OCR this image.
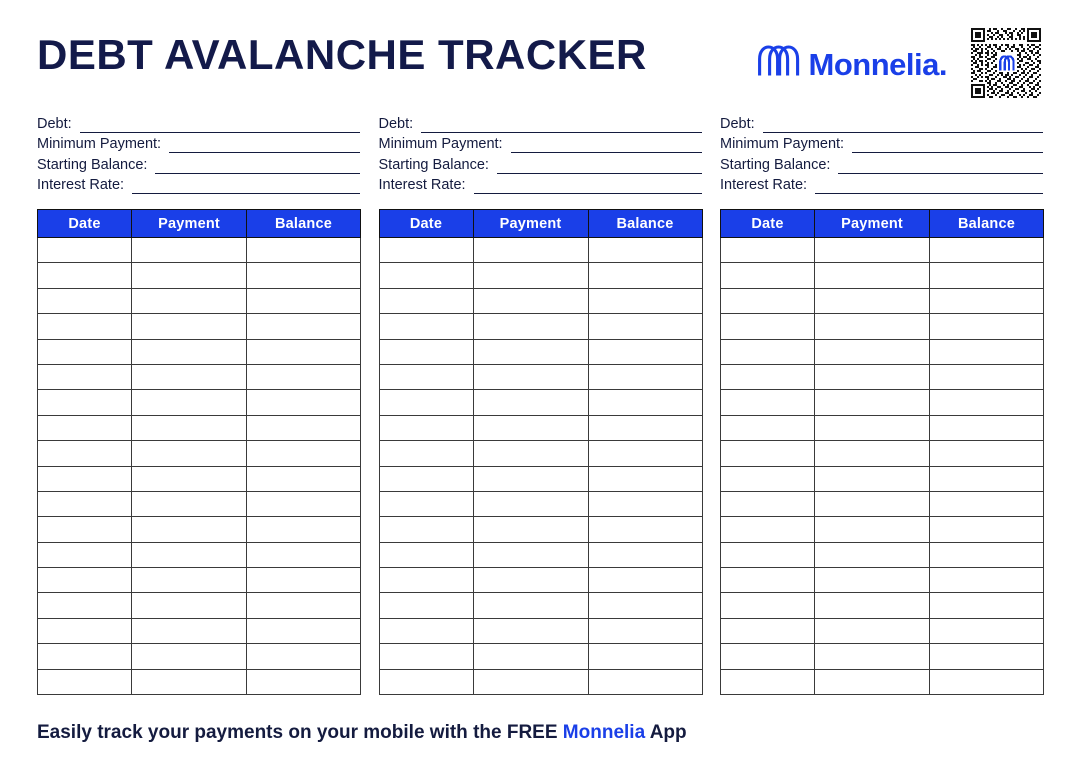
DEBT AVALANCHE TRACKER	Monnelia.
Debt:
Minimum Payment:
Starting Balance:
Interest Rate:
Date	Payment	Balance

Debt:
Minimum Payment:
Starting Balance:
Interest Rate:
Date	Payment	Balance

Debt:
Minimum Payment:
Starting Balance:
Interest Rate:
Date	Payment	Balance

Easily track your payments on your mobile with the FREE Monnelia App
